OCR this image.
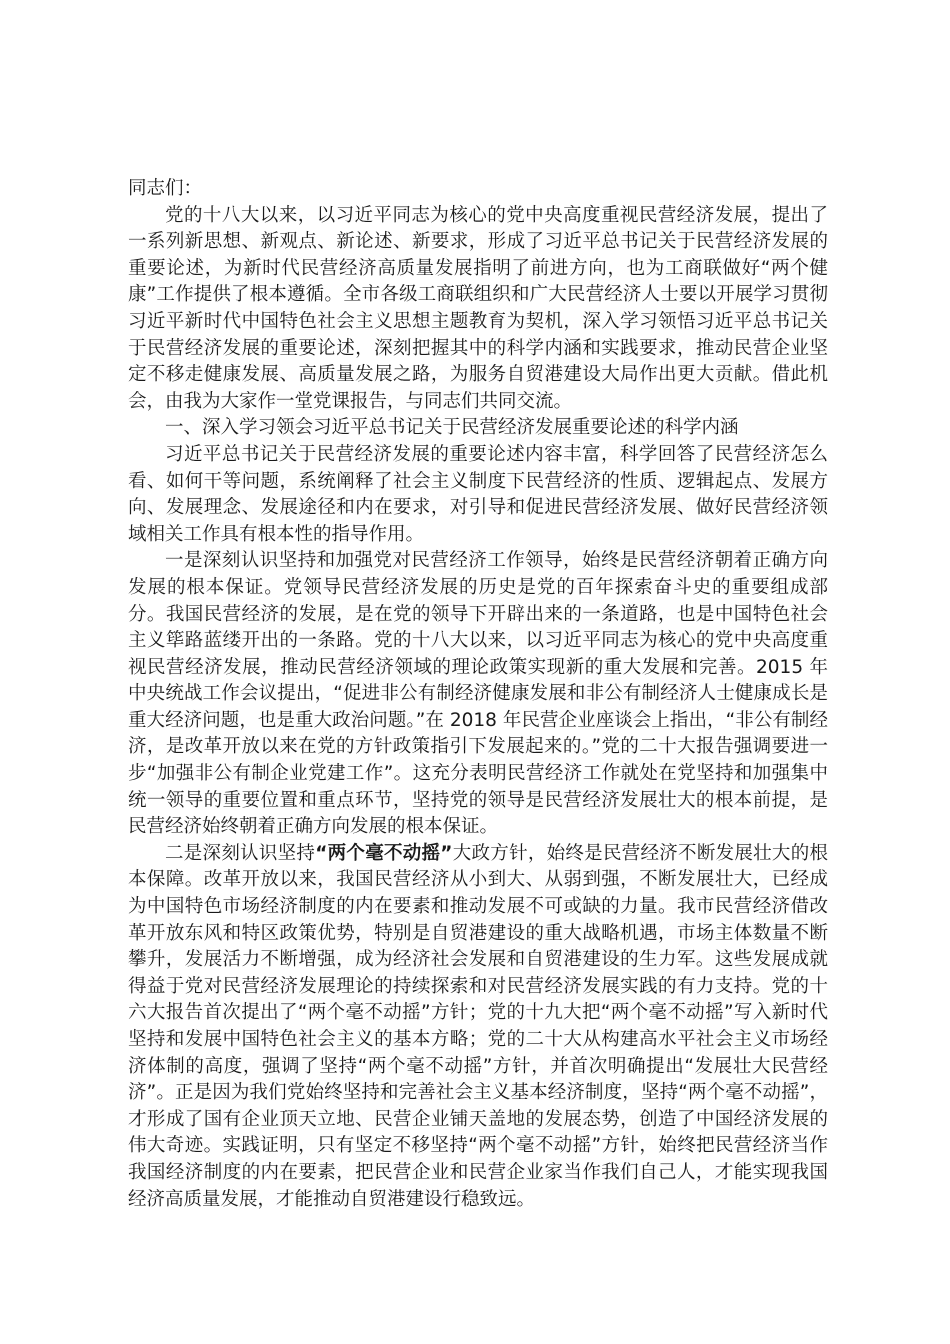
同志们：

党的十八大以来，以习近平同志为核心的党中央高度重视民营经济发展，提出了一系列新思想、新观点、新论述、新要求，形成了习近平总书记关于民营经济发展的重要论述，为新时代民营经济高质量发展指明了前进方向，也为工商联做好“两个健康”工作提供了根本遵循。全市各级工商联组织和广大民营经济人士要以开展学习贯彻习近平新时代中国特色社会主义思想主题教育为契机，深入学习领悟习近平总书记关于民营经济发展的重要论述，深刻把握其中的科学内涵和实践要求，推动民营企业坚定不移走健康发展、高质量发展之路，为服务自贸港建设大局作出更大贡献。借此机会，由我为大家作一堂党课报告，与同志们共同交流。

一、深入学习领会习近平总书记关于民营经济发展重要论述的科学内涵

习近平总书记关于民营经济发展的重要论述内容丰富，科学回答了民营经济怎么看、如何干等问题，系统阐释了社会主义制度下民营经济的性质、逻辑起点、发展方向、发展理念、发展途径和内在要求，对引导和促进民营经济发展、做好民营经济领域相关工作具有根本性的指导作用。

一是深刻认识坚持和加强党对民营经济工作领导，始终是民营经济朝着正确方向发展的根本保证。党领导民营经济发展的历史是党的百年探索奋斗史的重要组成部分。我国民营经济的发展，是在党的领导下开辟出来的一条道路，也是中国特色社会主义筚路蓝缕开出的一条路。党的十八大以来，以习近平同志为核心的党中央高度重视民营经济发展，推动民营经济领域的理论政策实现新的重大发展和完善。2015 年中央统战工作会议提出，“促进非公有制经济健康发展和非公有制经济人士健康成长是重大经济问题，也是重大政治问题。”在 2018 年民营企业座谈会上指出，“非公有制经济，是改革开放以来在党的方针政策指引下发展起来的。”党的二十大报告强调要进一步“加强非公有制企业党建工作”。这充分表明民营经济工作就处在党坚持和加强集中统一领导的重要位置和重点环节，坚持党的领导是民营经济发展壮大的根本前提，是民营经济始终朝着正确方向发展的根本保证。

二是深刻认识坚持“两个毫不动摇”大政方针，始终是民营经济不断发展壮大的根本保障。改革开放以来，我国民营经济从小到大、从弱到强，不断发展壮大，已经成为中国特色市场经济制度的内在要素和推动发展不可或缺的力量。我市民营经济借改革开放东风和特区政策优势，特别是自贸港建设的重大战略机遇，市场主体数量不断攀升，发展活力不断增强，成为经济社会发展和自贸港建设的生力军。这些发展成就得益于党对民营经济发展理论的持续探索和对民营经济发展实践的有力支持。党的十六大报告首次提出了“两个毫不动摇”方针；党的十九大把“两个毫不动摇”写入新时代坚持和发展中国特色社会主义的基本方略；党的二十大从构建高水平社会主义市场经济体制的高度，强调了坚持“两个毫不动摇”方针，并首次明确提出“发展壮大民营经济”。正是因为我们党始终坚持和完善社会主义基本经济制度，坚持“两个毫不动摇”，才形成了国有企业顶天立地、民营企业铺天盖地的发展态势，创造了中国经济发展的伟大奇迹。实践证明，只有坚定不移坚持“两个毫不动摇”方针，始终把民营经济当作我国经济制度的内在要素，把民营企业和民营企业家当作我们自己人，才能实现我国经济高质量发展，才能推动自贸港建设行稳致远。
